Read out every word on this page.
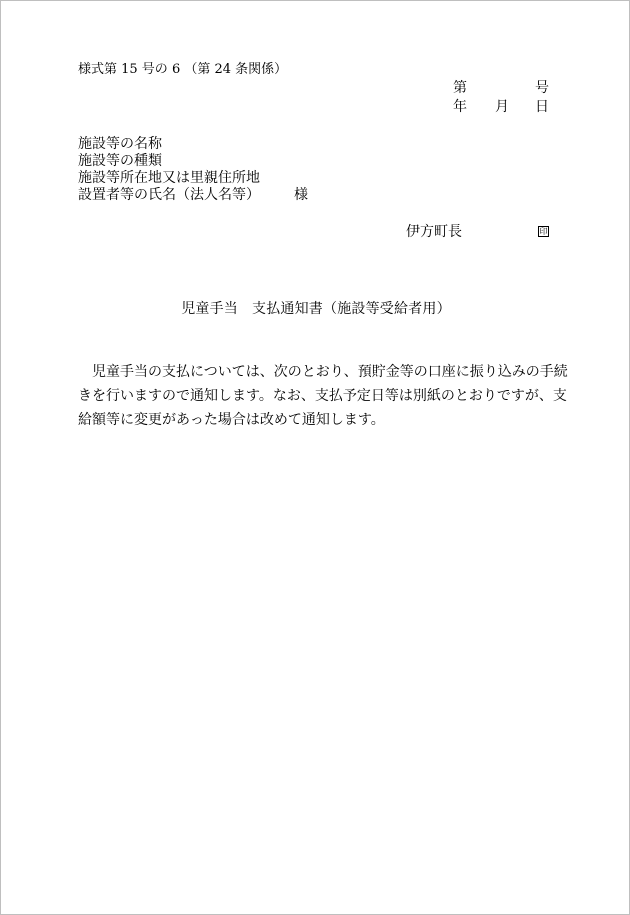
様式第 15 号の 6 （第 24 条関係）
第	号
年 月 日
施設等の名称
施設等の種類
施設等所在地又は里親住所地
設置者等の氏名（法人名等） 様
伊方町長	印
児童手当 支払通知書（施設等受給者用）
児童手当の支払については、次のとおり、預貯金等の口座に振り込みの手続
きを行いますので通知します。なお、支払予定日等は別紙のとおりですが、支
給額等に変更があった場合は改めて通知します。
